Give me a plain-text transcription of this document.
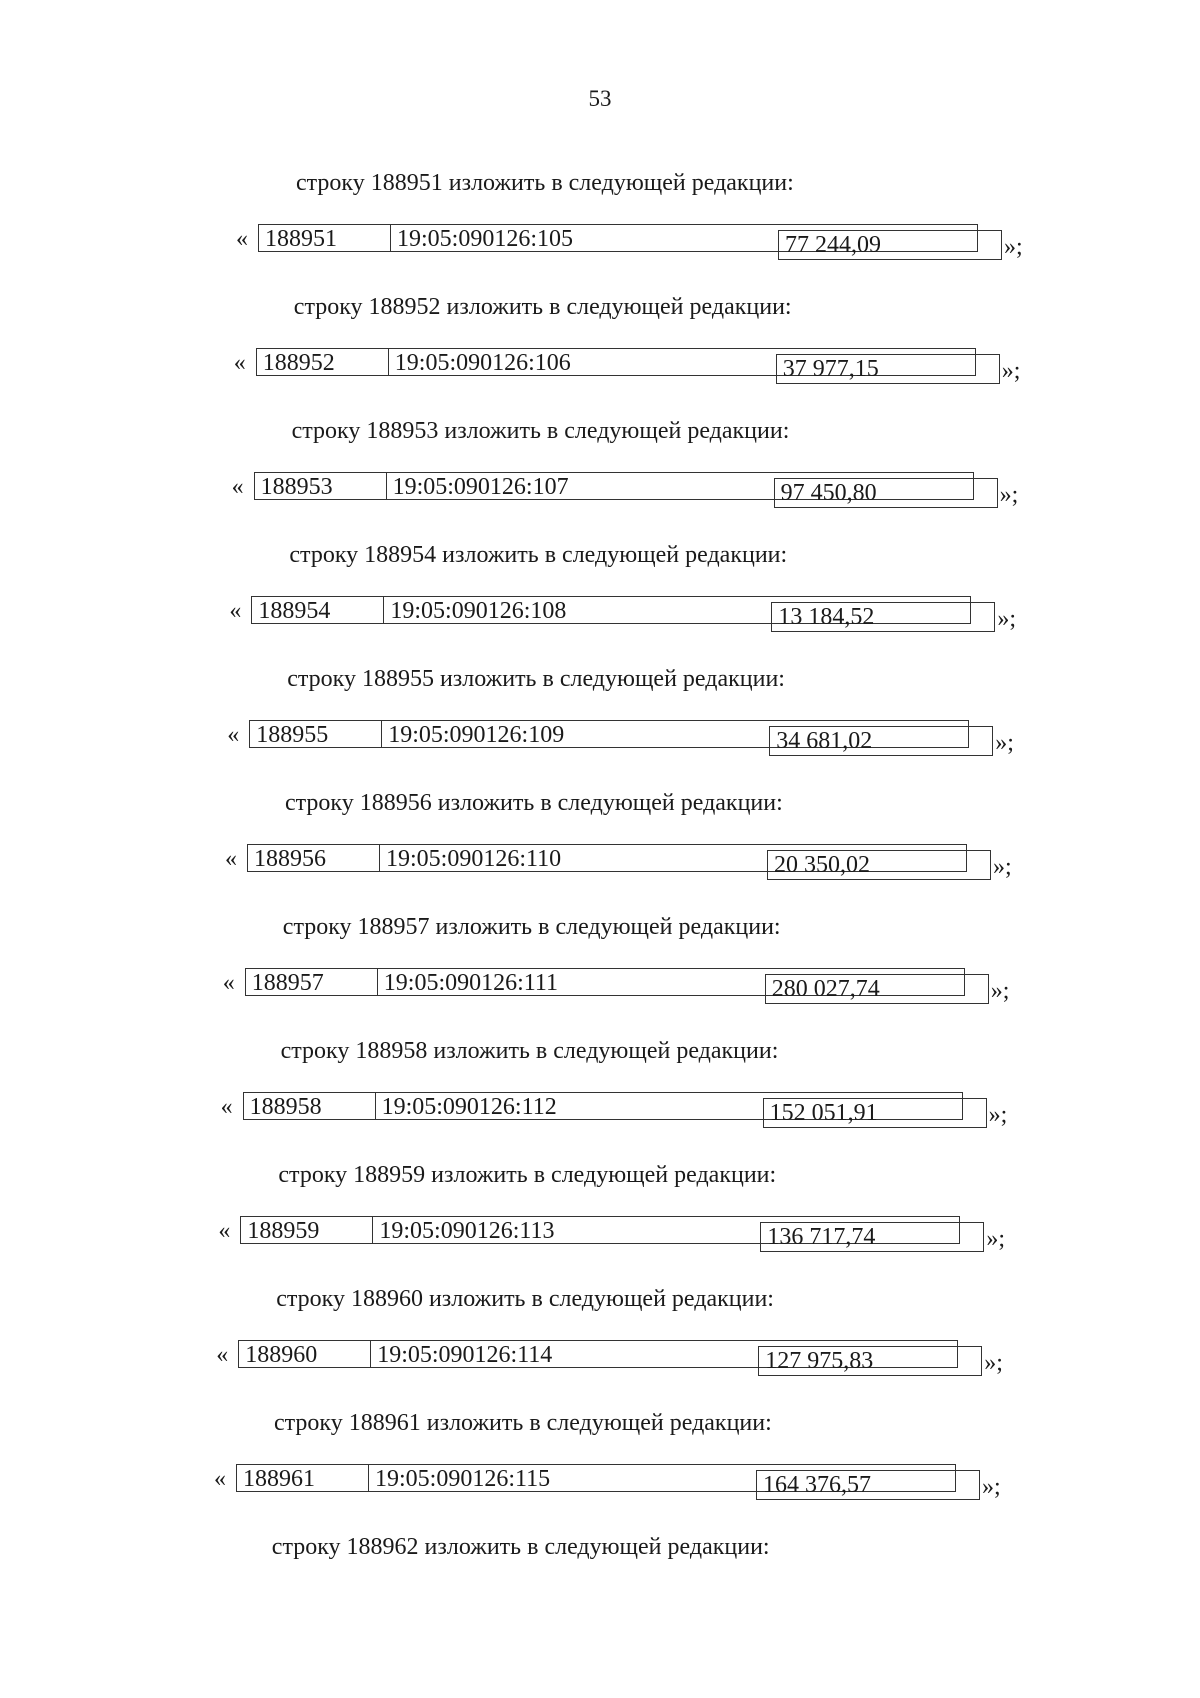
53
строку 188951 изложить в следующей редакции:
« 188951	19:05:090126:105	77 244,09	»;
строку 188952 изложить в следующей редакции:
« 188952	19:05:090126:106	37 977,15	»;
строку 188953 изложить в следующей редакции:
« 188953	19:05:090126:107	97 450,80	»;
строку 188954 изложить в следующей редакции:
« 188954	19:05:090126:108	13 184,52	»;
строку 188955 изложить в следующей редакции:
« 188955	19:05:090126:109	34 681,02	»;
строку 188956 изложить в следующей редакции:
« 188956	19:05:090126:110	20 350,02	»;
строку 188957 изложить в следующей редакции:
« 188957	19:05:090126:111	280 027,74	»;
строку 188958 изложить в следующей редакции:
« 188958	19:05:090126:112	152 051,91	»;
строку 188959 изложить в следующей редакции:
« 188959	19:05:090126:113	136 717,74	»;
строку 188960 изложить в следующей редакции:
« 188960	19:05:090126:114	127 975,83	»;
строку 188961 изложить в следующей редакции:
« 188961	19:05:090126:115	164 376,57	»;
строку 188962 изложить в следующей редакции:
